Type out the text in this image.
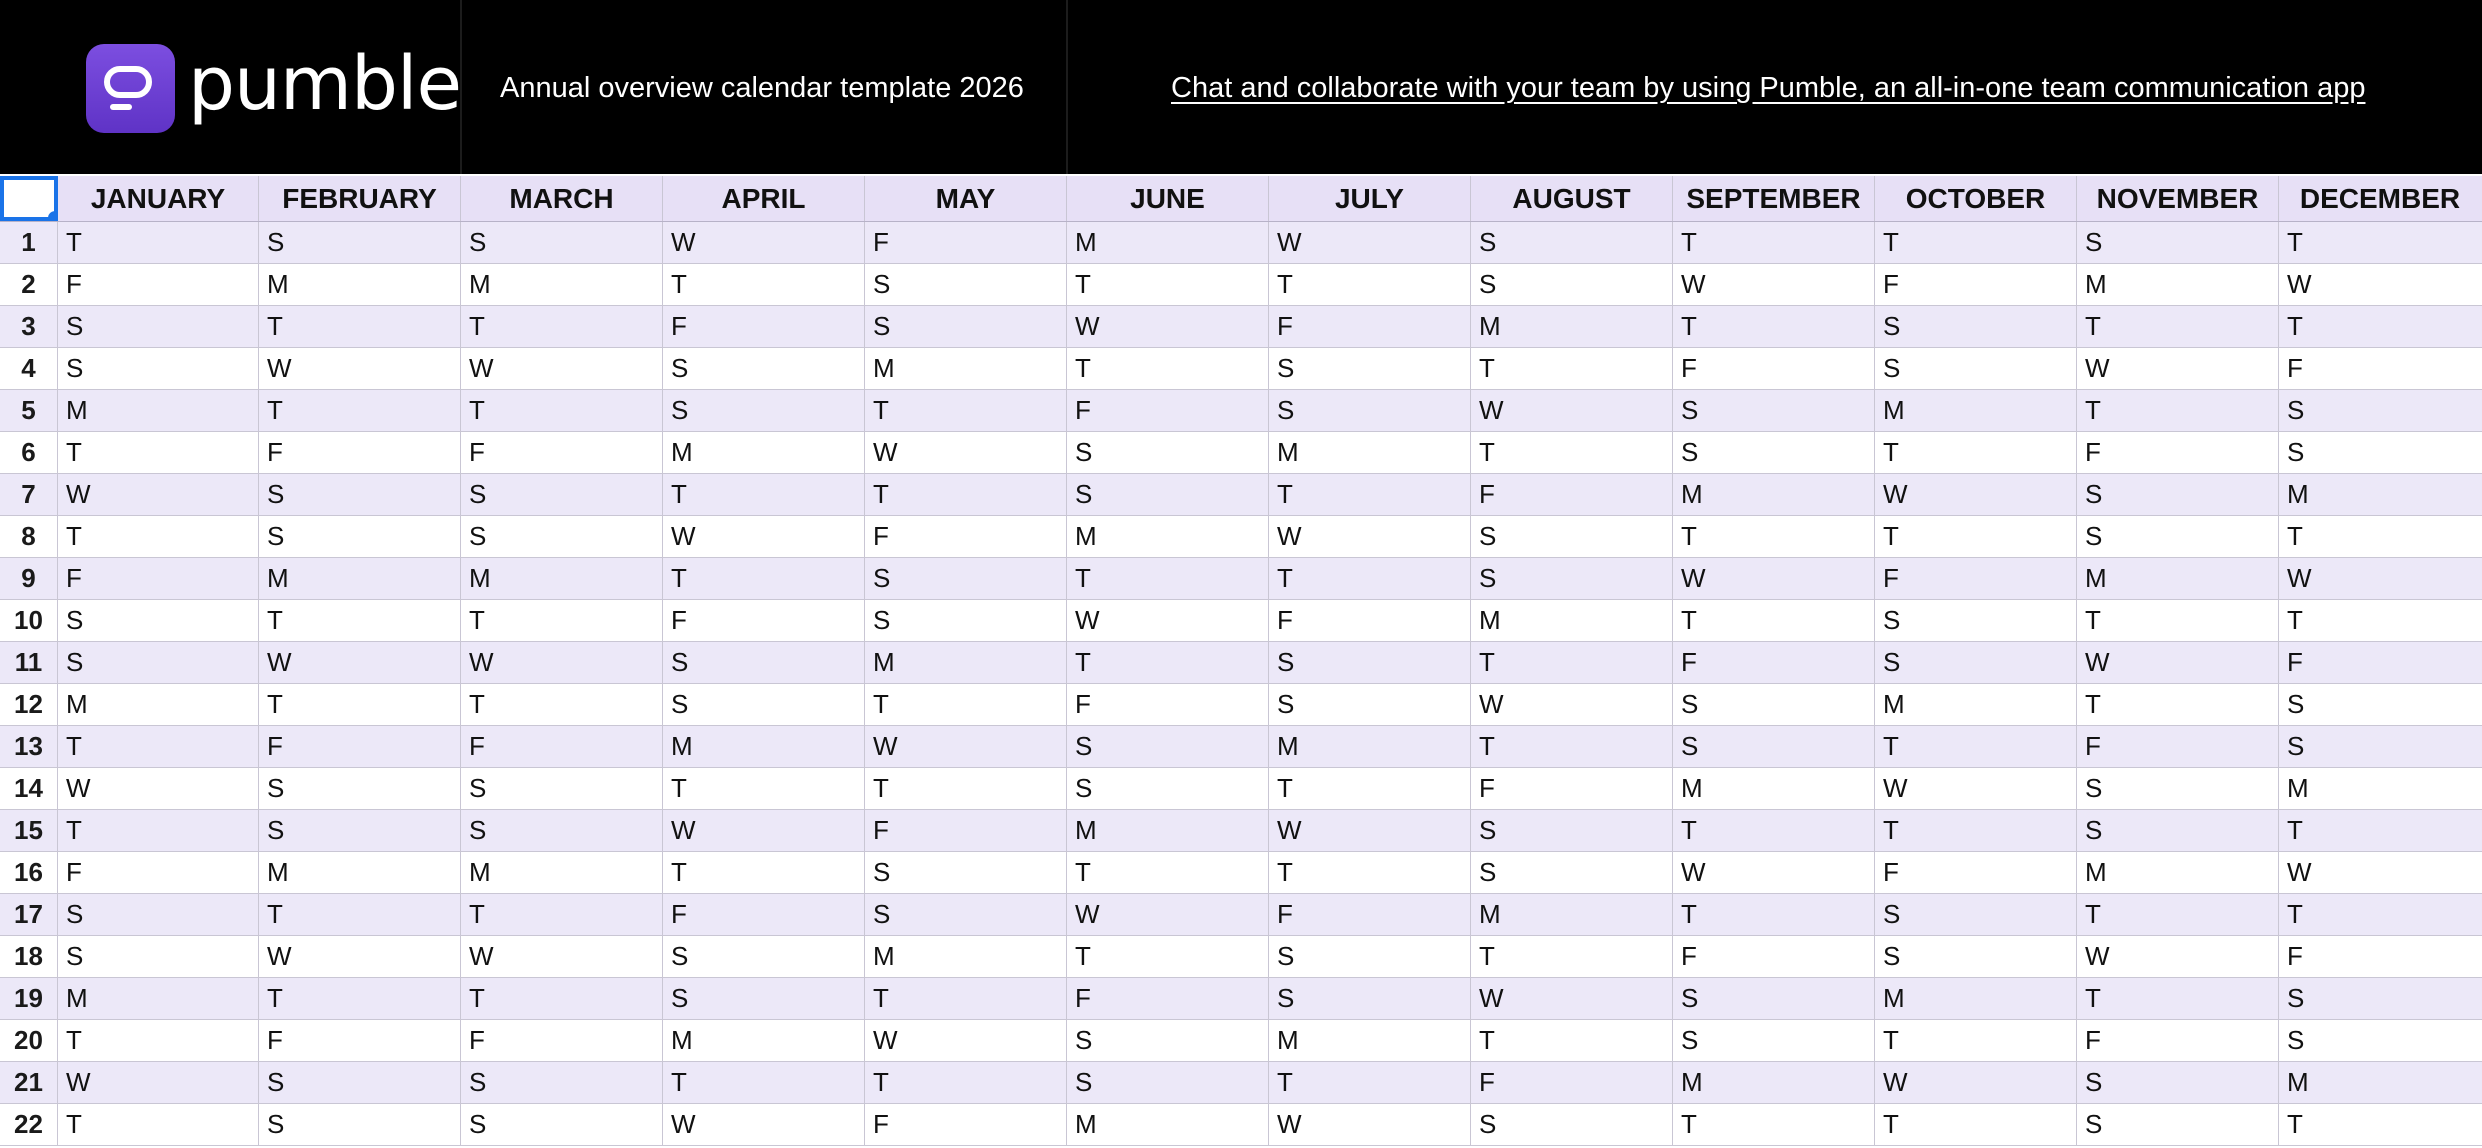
pumble Annual overview calendar template 2026	Chat and collaborate with your team by using Pumble, an all-in-one team communication app
JANUARY	FEBRUARY	MARCH	APRIL	MAY	JUNE	JULY	AUGUST	SEPTEMBER	OCTOBER	NOVEMBER	DECEMBER
1	T	S	S	W	F	M	W	S	T	T	S	T
2	F	M	M	T	S	T	T	S	W	F	M	W
3	S	T	T	F	S	W	F	M	T	S	T	T
4	S	W	W	S	M	T	S	T	F	S	W	F
5	M	T	T	S	T	F	S	W	S	M	T	S
6	T	F	F	M	W	S	M	T	S	T	F	S
7	W	S	S	T	T	S	T	F	M	W	S	M
8	T	S	S	W	F	M	W	S	T	T	S	T
9	F	M	M	T	S	T	T	S	W	F	M	W
10 S	T	T	F	S	W	F	M	T	S	T	T
11 S	W	W	S	M	T	S	T	F	S	W	F
12 M	T	T	S	T	F	S	W	S	M	T	S
13 T	F	F	M	W	S	M	T	S	T	F	S
14 W	S	S	T	T	S	T	F	M	W	S	M
15 T	S	S	W	F	M	W	S	T	T	S	T
16 F	M	M	T	S	T	T	S	W	F	M	W
17 S	T	T	F	S	W	F	M	T	S	T	T
18 S	W	W	S	M	T	S	T	F	S	W	F
19 M	T	T	S	T	F	S	W	S	M	T	S
20 T	F	F	M	W	S	M	T	S	T	F	S
21 W	S	S	T	T	S	T	F	M	W	S	M
22 T	S	S	W	F	M	W	S	T	T	S	T
